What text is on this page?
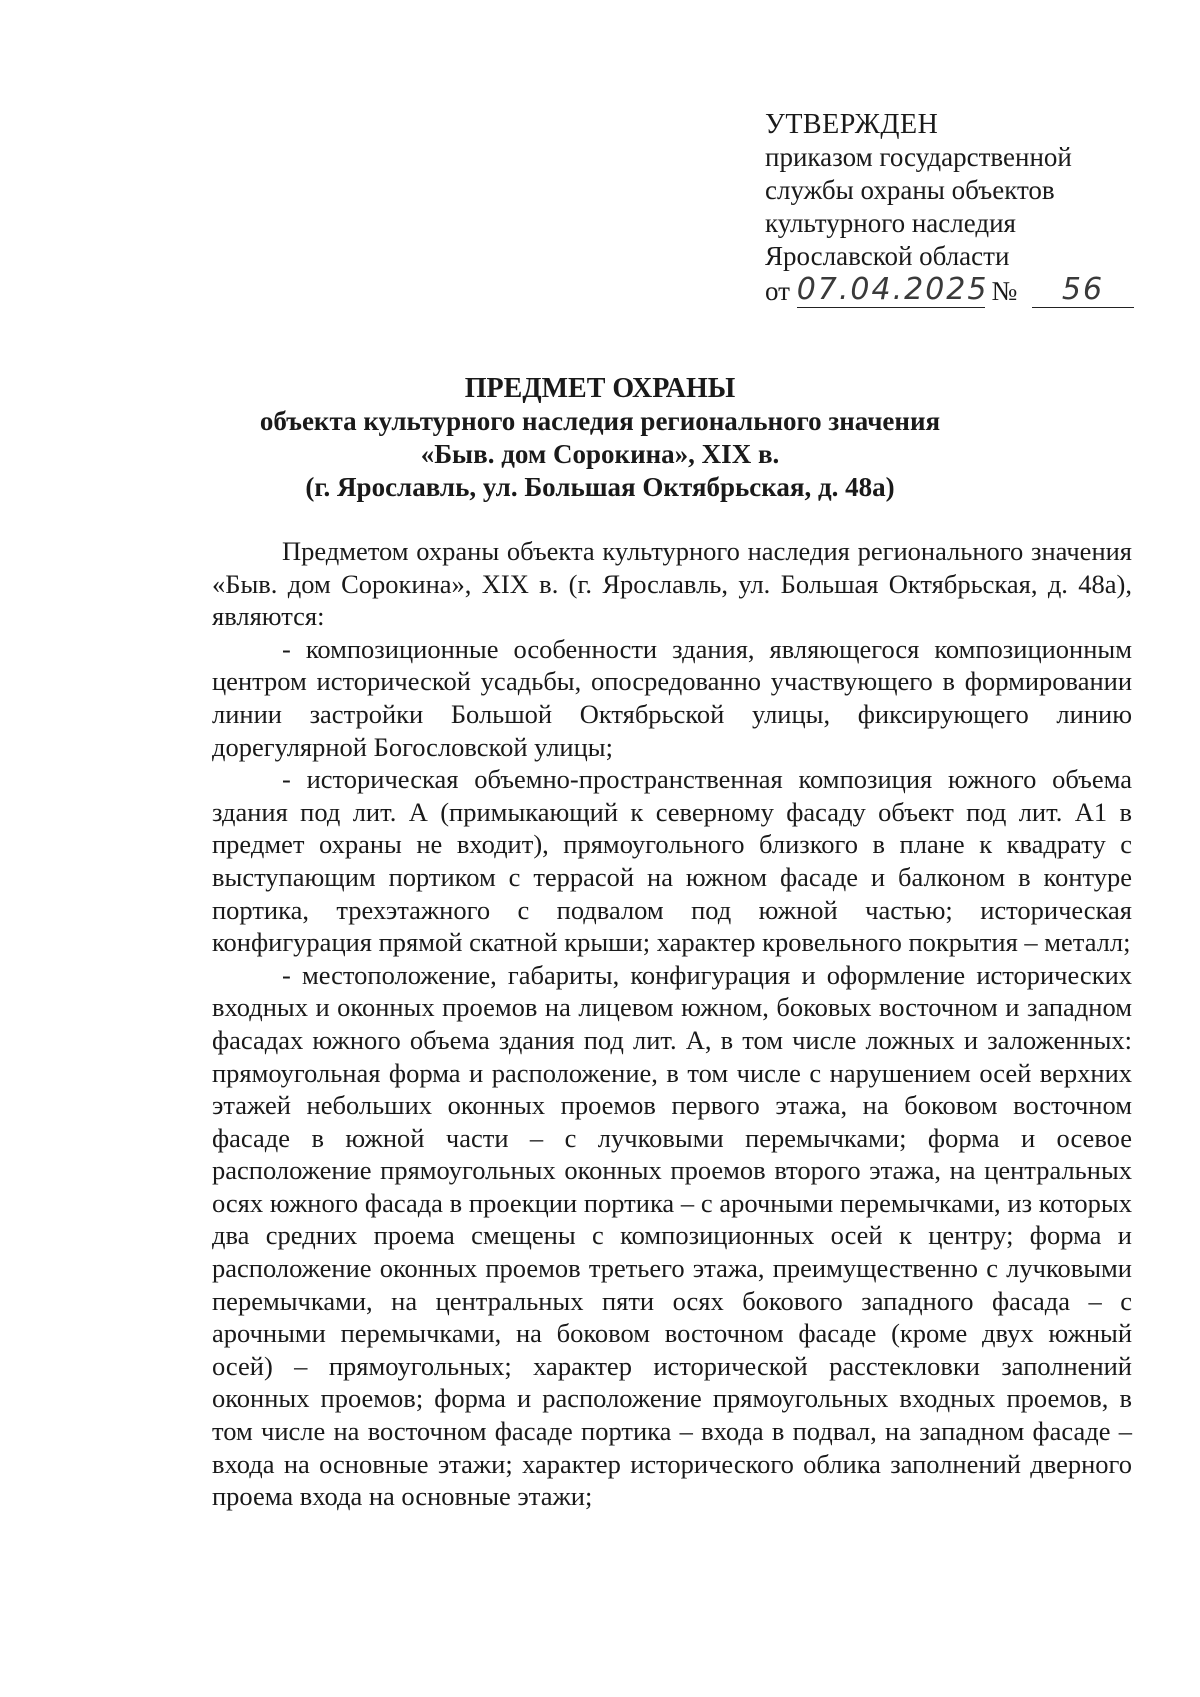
УТВЕРЖДЕН
приказом государственной
службы охраны объектов
культурного наследия
Ярославской области
от 07.04.2025 № 56
ПРЕДМЕТ ОХРАНЫ
объекта культурного наследия регионального значения
«Быв. дом Сорокина», XIX в.
(г. Ярославль, ул. Большая Октябрьская, д. 48а)

Предметом охраны объекта культурного наследия регионального значения «Быв. дом Сорокина», XIX в. (г. Ярославль, ул. Большая Октябрьская, д. 48а), являются:

- композиционные особенности здания, являющегося композиционным центром исторической усадьбы, опосредованно участвующего в формировании линии застройки Большой Октябрьской улицы, фиксирующего линию дорегулярной Богословской улицы;

- историческая объемно-пространственная композиция южного объема здания под лит. А (примыкающий к северному фасаду объект под лит. А1 в предмет охраны не входит), прямоугольного близкого в плане к квадрату с выступающим портиком с террасой на южном фасаде и балконом в контуре портика, трехэтажного с подвалом под южной частью; историческая конфигурация прямой скатной крыши; характер кровельного покрытия – металл;

- местоположение, габариты, конфигурация и оформление исторических входных и оконных проемов на лицевом южном, боковых восточном и западном фасадах южного объема здания под лит. А, в том числе ложных и заложенных: прямоугольная форма и расположение, в том числе с нарушением осей верхних этажей небольших оконных проемов первого этажа, на боковом восточном фасаде в южной части – с лучковыми перемычками; форма и осевое расположение прямоугольных оконных проемов второго этажа, на центральных осях южного фасада в проекции портика – с арочными перемычками, из которых два средних проема смещены с композиционных осей к центру; форма и расположение оконных проемов третьего этажа, преимущественно с лучковыми перемычками, на центральных пяти осях бокового западного фасада – с арочными перемычками, на боковом восточном фасаде (кроме двух южный осей) – прямоугольных; характер исторической расстекловки заполнений оконных проемов; форма и расположение прямоугольных входных проемов, в том числе на восточном фасаде портика – входа в подвал, на западном фасаде – входа на основные этажи; характер исторического облика заполнений дверного проема входа на основные этажи;
